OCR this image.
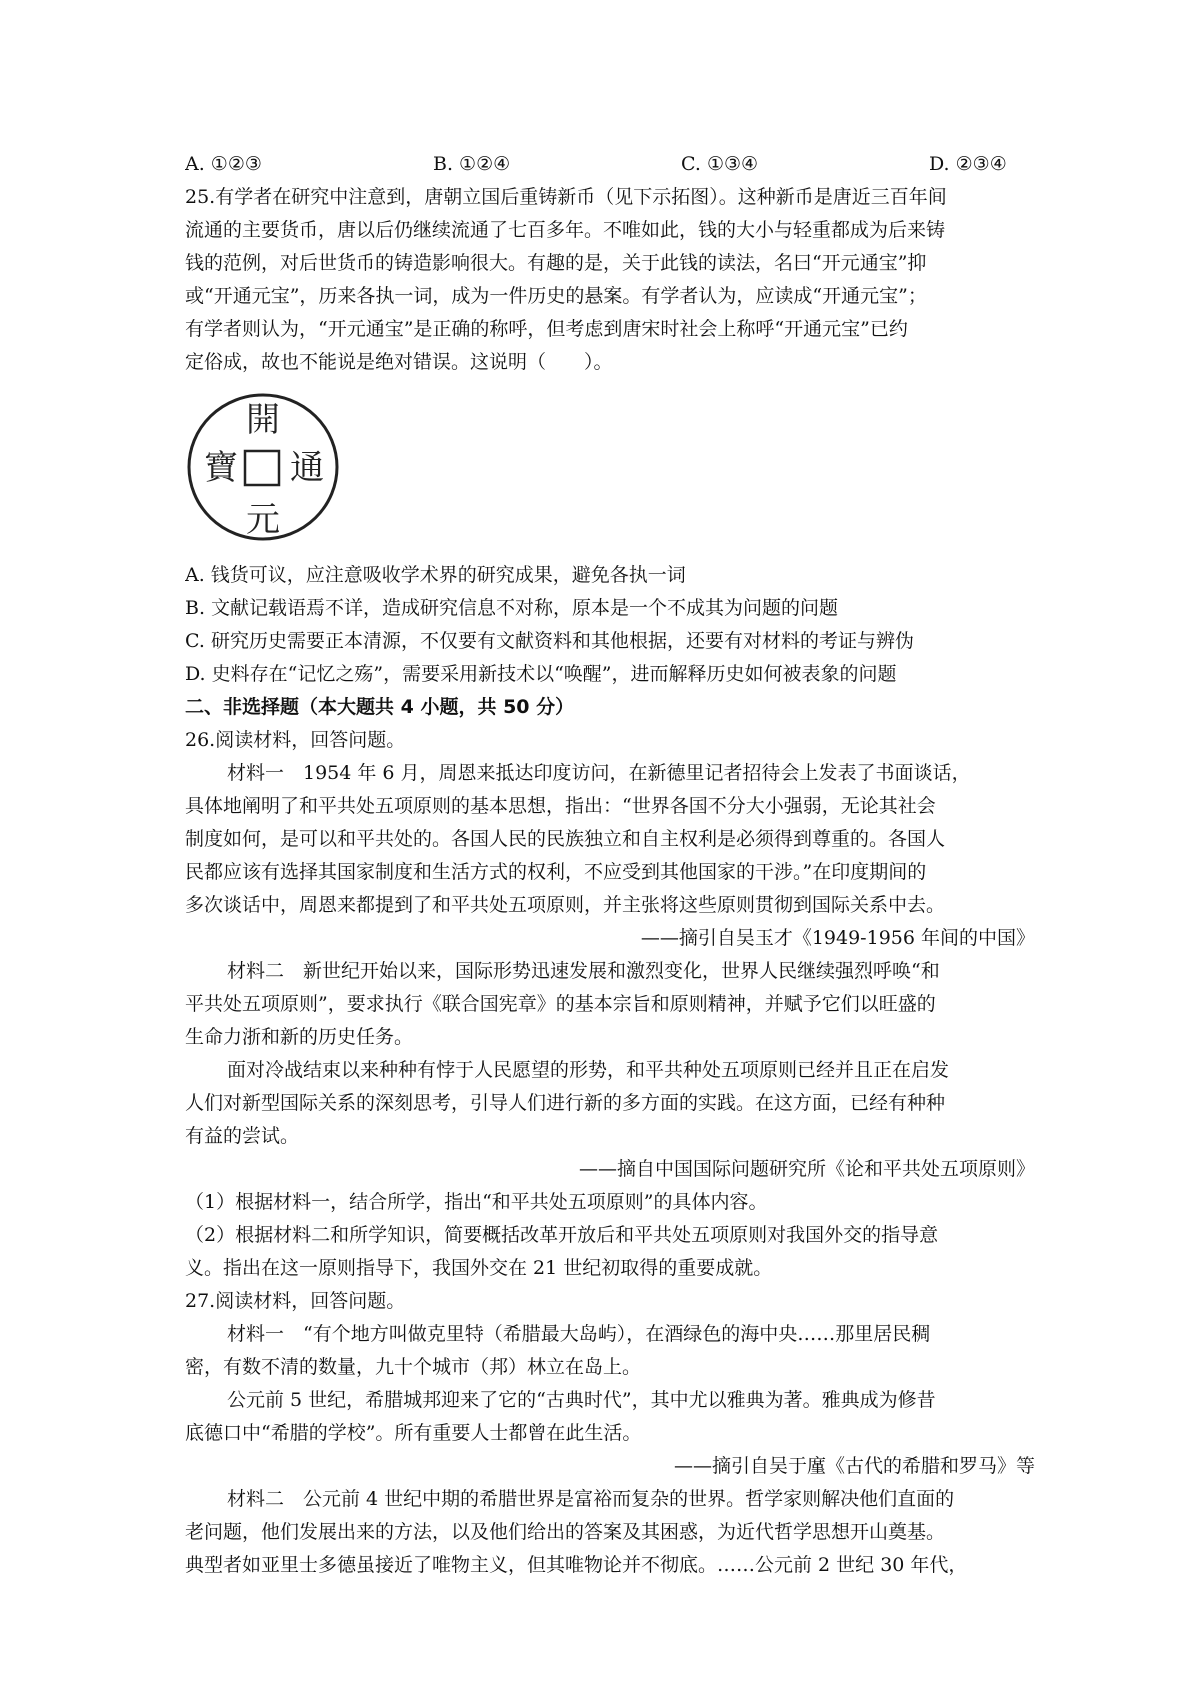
A. ①②③	B. ①②④	C. ①③④	D. ②③④
25.有学者在研究中注意到，唐朝立国后重铸新币（见下示拓图）。这种新币是唐近三百年间
流通的主要货币，唐以后仍继续流通了七百多年。不唯如此，钱的大小与轻重都成为后来铸
钱的范例，对后世货币的铸造影响很大。有趣的是，关于此钱的读法，名曰“开元通宝”抑
或“开通元宝”，历来各执一词，成为一件历史的悬案。有学者认为，应读成“开通元宝”；
有学者则认为，“开元通宝”是正确的称呼，但考虑到唐宋时社会上称呼“开通元宝”已约
定俗成，故也不能说是绝对错误。这说明（　　）。
開
通
元
寶
A. 钱货可议，应注意吸收学术界的研究成果，避免各执一词
B. 文献记载语焉不详，造成研究信息不对称，原本是一个不成其为问题的问题
C. 研究历史需要正本清源，不仅要有文献资料和其他根据，还要有对材料的考证与辨伪
D. 史料存在“记忆之殇”，需要采用新技术以“唤醒”，进而解释历史如何被表象的问题
二、非选择题（本大题共 4 小题，共 50 分）
26.阅读材料，回答问题。
材料一　1954 年 6 月，周恩来抵达印度访问，在新德里记者招待会上发表了书面谈话，
具体地阐明了和平共处五项原则的基本思想，指出：“世界各国不分大小强弱，无论其社会
制度如何，是可以和平共处的。各国人民的民族独立和自主权利是必须得到尊重的。各国人
民都应该有选择其国家制度和生活方式的权利，不应受到其他国家的干涉。”在印度期间的
多次谈话中，周恩来都提到了和平共处五项原则，并主张将这些原则贯彻到国际关系中去。
——摘引自吴玉才《1949-1956 年间的中国》
材料二　新世纪开始以来，国际形势迅速发展和激烈变化，世界人民继续强烈呼唤“和
平共处五项原则”，要求执行《联合国宪章》的基本宗旨和原则精神，并赋予它们以旺盛的
生命力浙和新的历史任务。
面对冷战结束以来种种有悖于人民愿望的形势，和平共种处五项原则已经并且正在启发
人们对新型国际关系的深刻思考，引导人们进行新的多方面的实践。在这方面，已经有种种
有益的尝试。
——摘自中国国际问题研究所《论和平共处五项原则》
（1）根据材料一，结合所学，指出“和平共处五项原则”的具体内容。
（2）根据材料二和所学知识，简要概括改革开放后和平共处五项原则对我国外交的指导意
义。指出在这一原则指导下，我国外交在 21 世纪初取得的重要成就。
27.阅读材料，回答问题。
材料一　“有个地方叫做克里特（希腊最大岛屿），在酒绿色的海中央……那里居民稠
密，有数不清的数量，九十个城市（邦）林立在岛上。
公元前 5 世纪，希腊城邦迎来了它的“古典时代”，其中尤以雅典为著。雅典成为修昔
底德口中“希腊的学校”。所有重要人士都曾在此生活。
——摘引自吴于廑《古代的希腊和罗马》等
材料二　公元前 4 世纪中期的希腊世界是富裕而复杂的世界。哲学家则解决他们直面的
老问题，他们发展出来的方法，以及他们给出的答案及其困惑，为近代哲学思想开山奠基。
典型者如亚里士多德虽接近了唯物主义，但其唯物论并不彻底。……公元前 2 世纪 30 年代，
